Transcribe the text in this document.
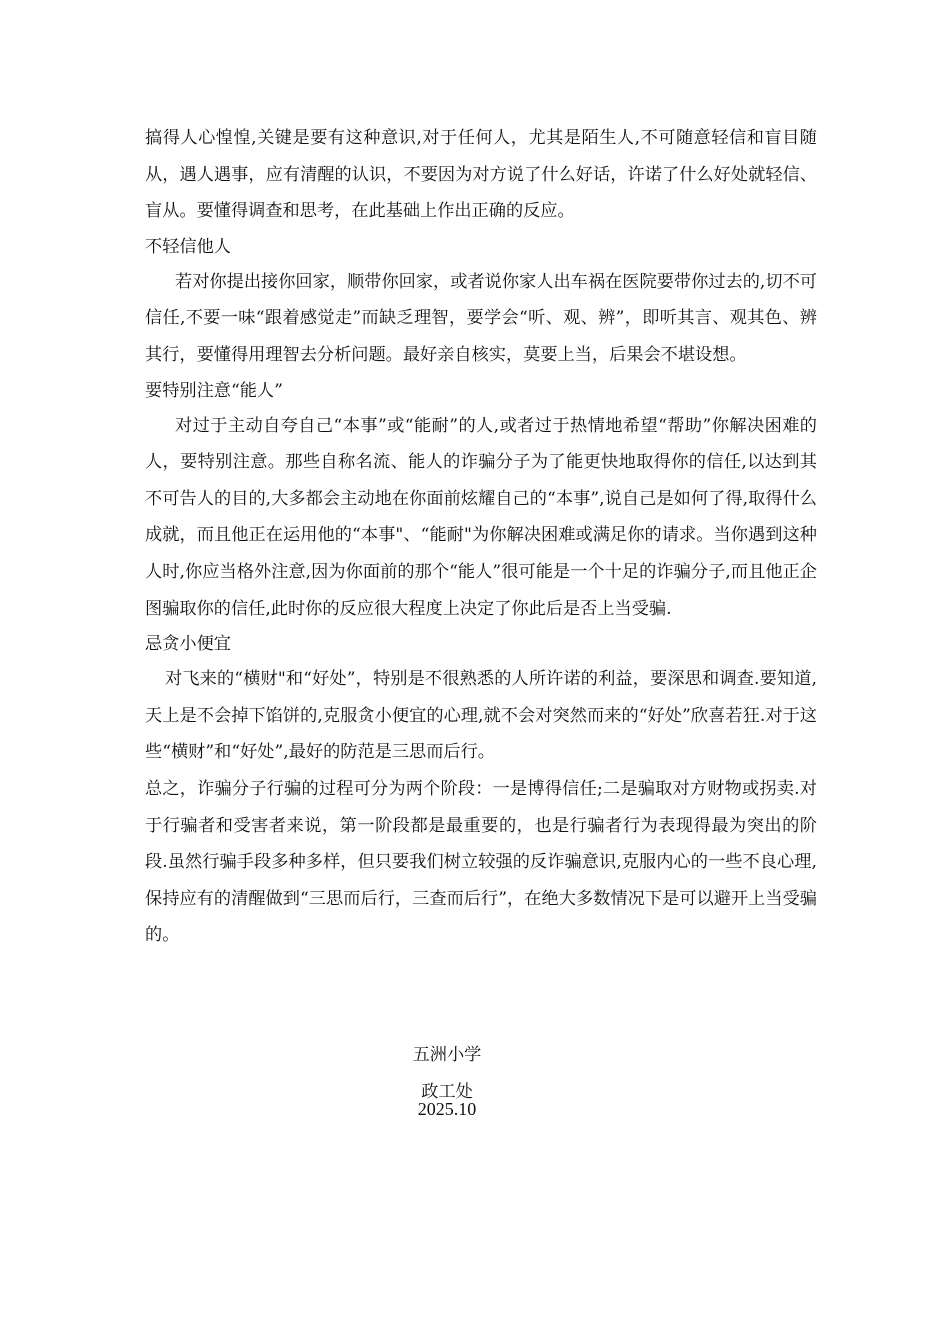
搞得人心惶惶,关键是要有这种意识,对于任何人，尤其是陌生人,不可随意轻信和盲目随从，遇人遇事，应有清醒的认识，不要因为对方说了什么好话，许诺了什么好处就轻信、盲从。要懂得调查和思考，在此基础上作出正确的反应。

不轻信他人

若对你提出接你回家，顺带你回家，或者说你家人出车祸在医院要带你过去的,切不可信任,不要一味“跟着感觉走”而缺乏理智，要学会“听、观、辨”，即听其言、观其色、辨其行，要懂得用理智去分析问题。最好亲自核实，莫要上当，后果会不堪设想。

要特别注意“能人”

对过于主动自夸自己“本事”或“能耐”的人,或者过于热情地希望“帮助”你解决困难的人，要特别注意。那些自称名流、能人的诈骗分子为了能更快地取得你的信任,以达到其不可告人的目的,大多都会主动地在你面前炫耀自己的“本事”,说自己是如何了得,取得什么成就，而且他正在运用他的“本事"、“能耐"为你解决困难或满足你的请求。当你遇到这种人时,你应当格外注意,因为你面前的那个“能人”很可能是一个十足的诈骗分子,而且他正企图骗取你的信任,此时你的反应很大程度上决定了你此后是否上当受骗.

忌贪小便宜

对飞来的“横财"和“好处”，特别是不很熟悉的人所许诺的利益，要深思和调查.要知道,天上是不会掉下馅饼的,克服贪小便宜的心理,就不会对突然而来的“好处”欣喜若狂.对于这些“横财”和“好处”,最好的防范是三思而后行。

总之，诈骗分子行骗的过程可分为两个阶段：一是博得信任;二是骗取对方财物或拐卖.对于行骗者和受害者来说，第一阶段都是最重要的，也是行骗者行为表现得最为突出的阶段.虽然行骗手段多种多样，但只要我们树立较强的反诈骗意识,克服内心的一些不良心理,保持应有的清醒做到“三思而后行，三查而后行”，在绝大多数情况下是可以避开上当受骗的。

五洲小学
政工处
2025.10
